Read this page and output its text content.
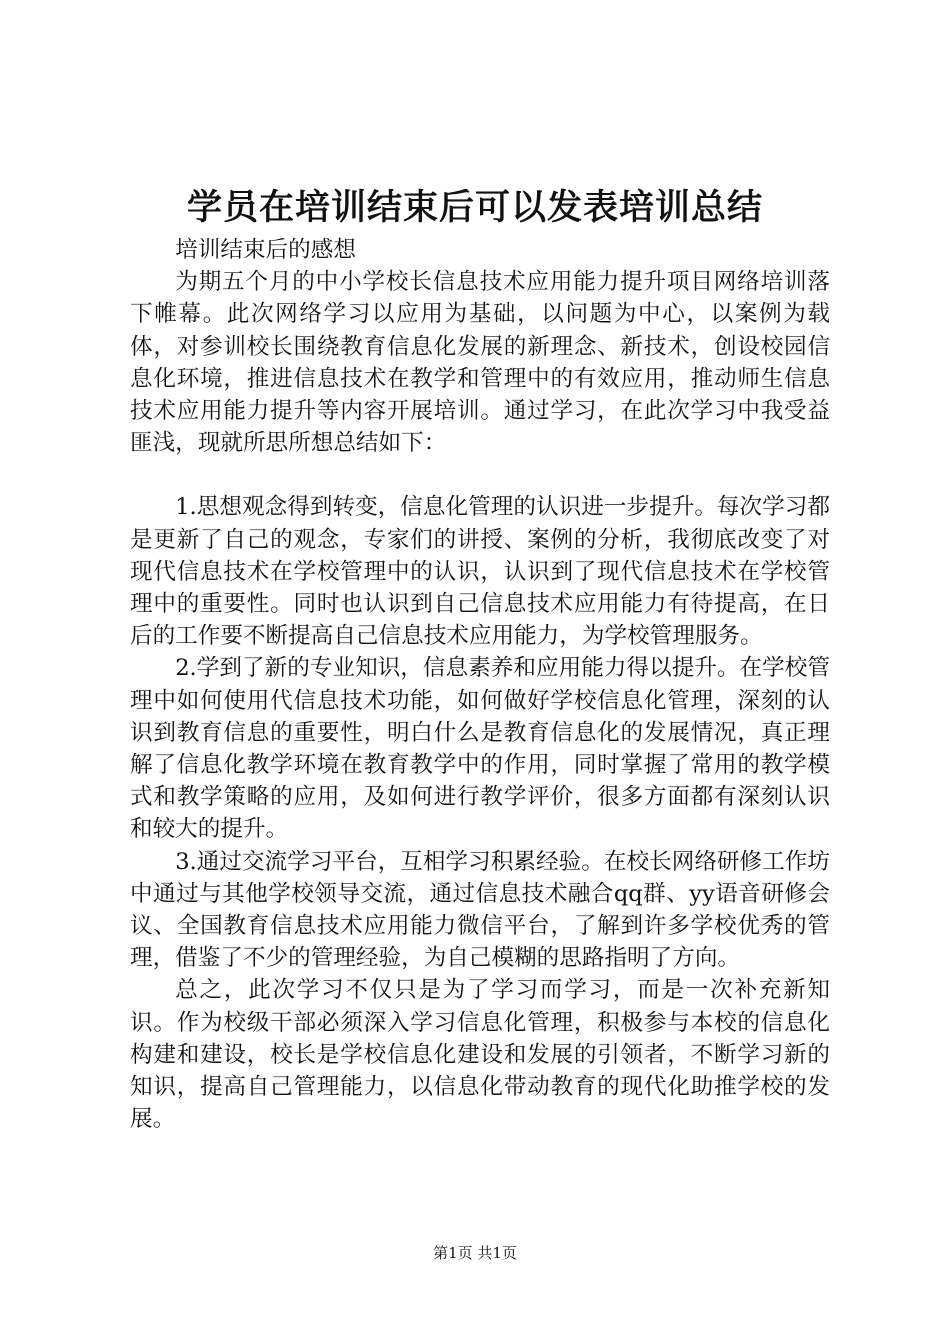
学员在培训结束后可以发表培训总结

培训结束后的感想

为期五个月的中小学校长信息技术应用能力提升项目网络培训落下帷幕。此次网络学习以应用为基础，以问题为中心，以案例为载体，对参训校长围绕教育信息化发展的新理念、新技术，创设校园信息化环境，推进信息技术在教学和管理中的有效应用，推动师生信息技术应用能力提升等内容开展培训。通过学习，在此次学习中我受益匪浅，现就所思所想总结如下：

1.思想观念得到转变，信息化管理的认识进一步提升。每次学习都是更新了自己的观念，专家们的讲授、案例的分析，我彻底改变了对现代信息技术在学校管理中的认识，认识到了现代信息技术在学校管理中的重要性。同时也认识到自己信息技术应用能力有待提高，在日后的工作要不断提高自己信息技术应用能力，为学校管理服务。

2.学到了新的专业知识，信息素养和应用能力得以提升。在学校管理中如何使用代信息技术功能，如何做好学校信息化管理，深刻的认识到教育信息的重要性，明白什么是教育信息化的发展情况，真正理解了信息化教学环境在教育教学中的作用，同时掌握了常用的教学模式和教学策略的应用，及如何进行教学评价，很多方面都有深刻认识和较大的提升。

3.通过交流学习平台，互相学习积累经验。在校长网络研修工作坊中通过与其他学校领导交流，通过信息技术融合qq群、yy语音研修会议、全国教育信息技术应用能力微信平台，了解到许多学校优秀的管理，借鉴了不少的管理经验，为自己模糊的思路指明了方向。

总之，此次学习不仅只是为了学习而学习，而是一次补充新知识。作为校级干部必须深入学习信息化管理，积极参与本校的信息化构建和建设，校长是学校信息化建设和发展的引领者，不断学习新的知识，提高自己管理能力，以信息化带动教育的现代化助推学校的发展。

第1页 共1页
